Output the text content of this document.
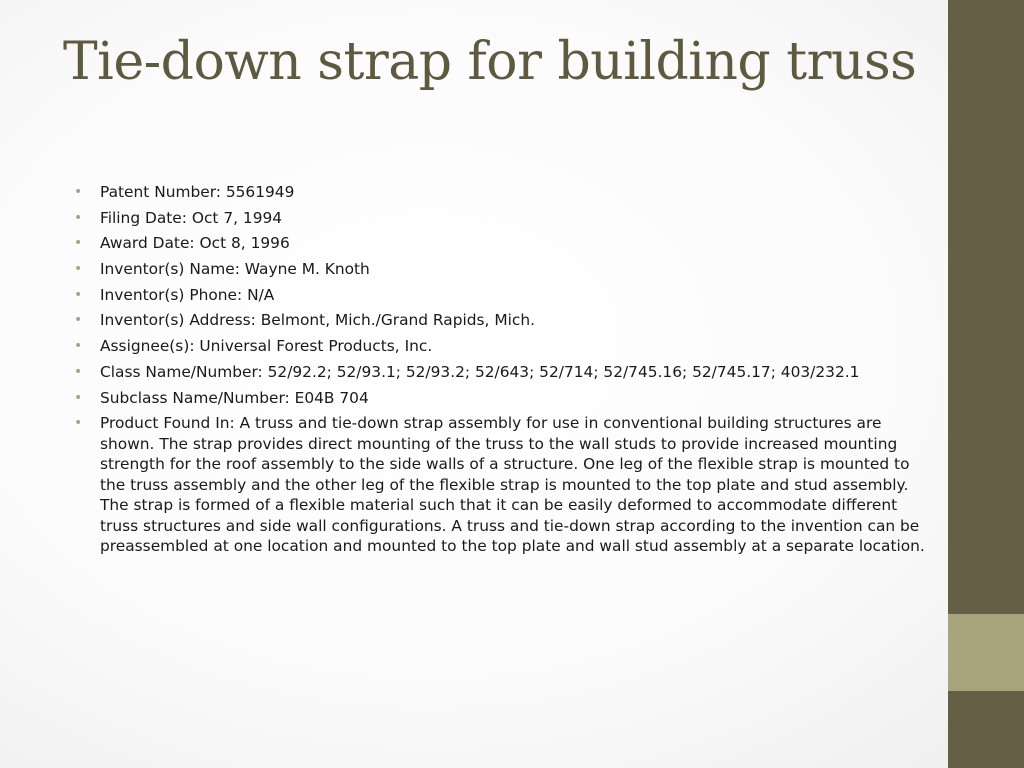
Tie-down strap for building truss
• Patent Number: 5561949
• Filing Date: Oct 7, 1994
• Award Date: Oct 8, 1996
• Inventor(s) Name: Wayne M. Knoth
• Inventor(s) Phone: N/A
• Inventor(s) Address: Belmont, Mich./Grand Rapids, Mich.
• Assignee(s): Universal Forest Products, Inc.
• Class Name/Number: 52/92.2; 52/93.1; 52/93.2; 52/643; 52/714; 52/745.16; 52/745.17; 403/232.1
• Subclass Name/Number: E04B 704
• Product Found In: A truss and tie-down strap assembly for use in conventional building structures are shown. The strap provides direct mounting of the truss to the wall studs to provide increased mounting strength for the roof assembly to the side walls of a structure. One leg of the flexible strap is mounted to the truss assembly and the other leg of the flexible strap is mounted to the top plate and stud assembly. The strap is formed of a flexible material such that it can be easily deformed to accommodate different truss structures and side wall configurations. A truss and tie-down strap according to the invention can be preassembled at one location and mounted to the top plate and wall stud assembly at a separate location.
